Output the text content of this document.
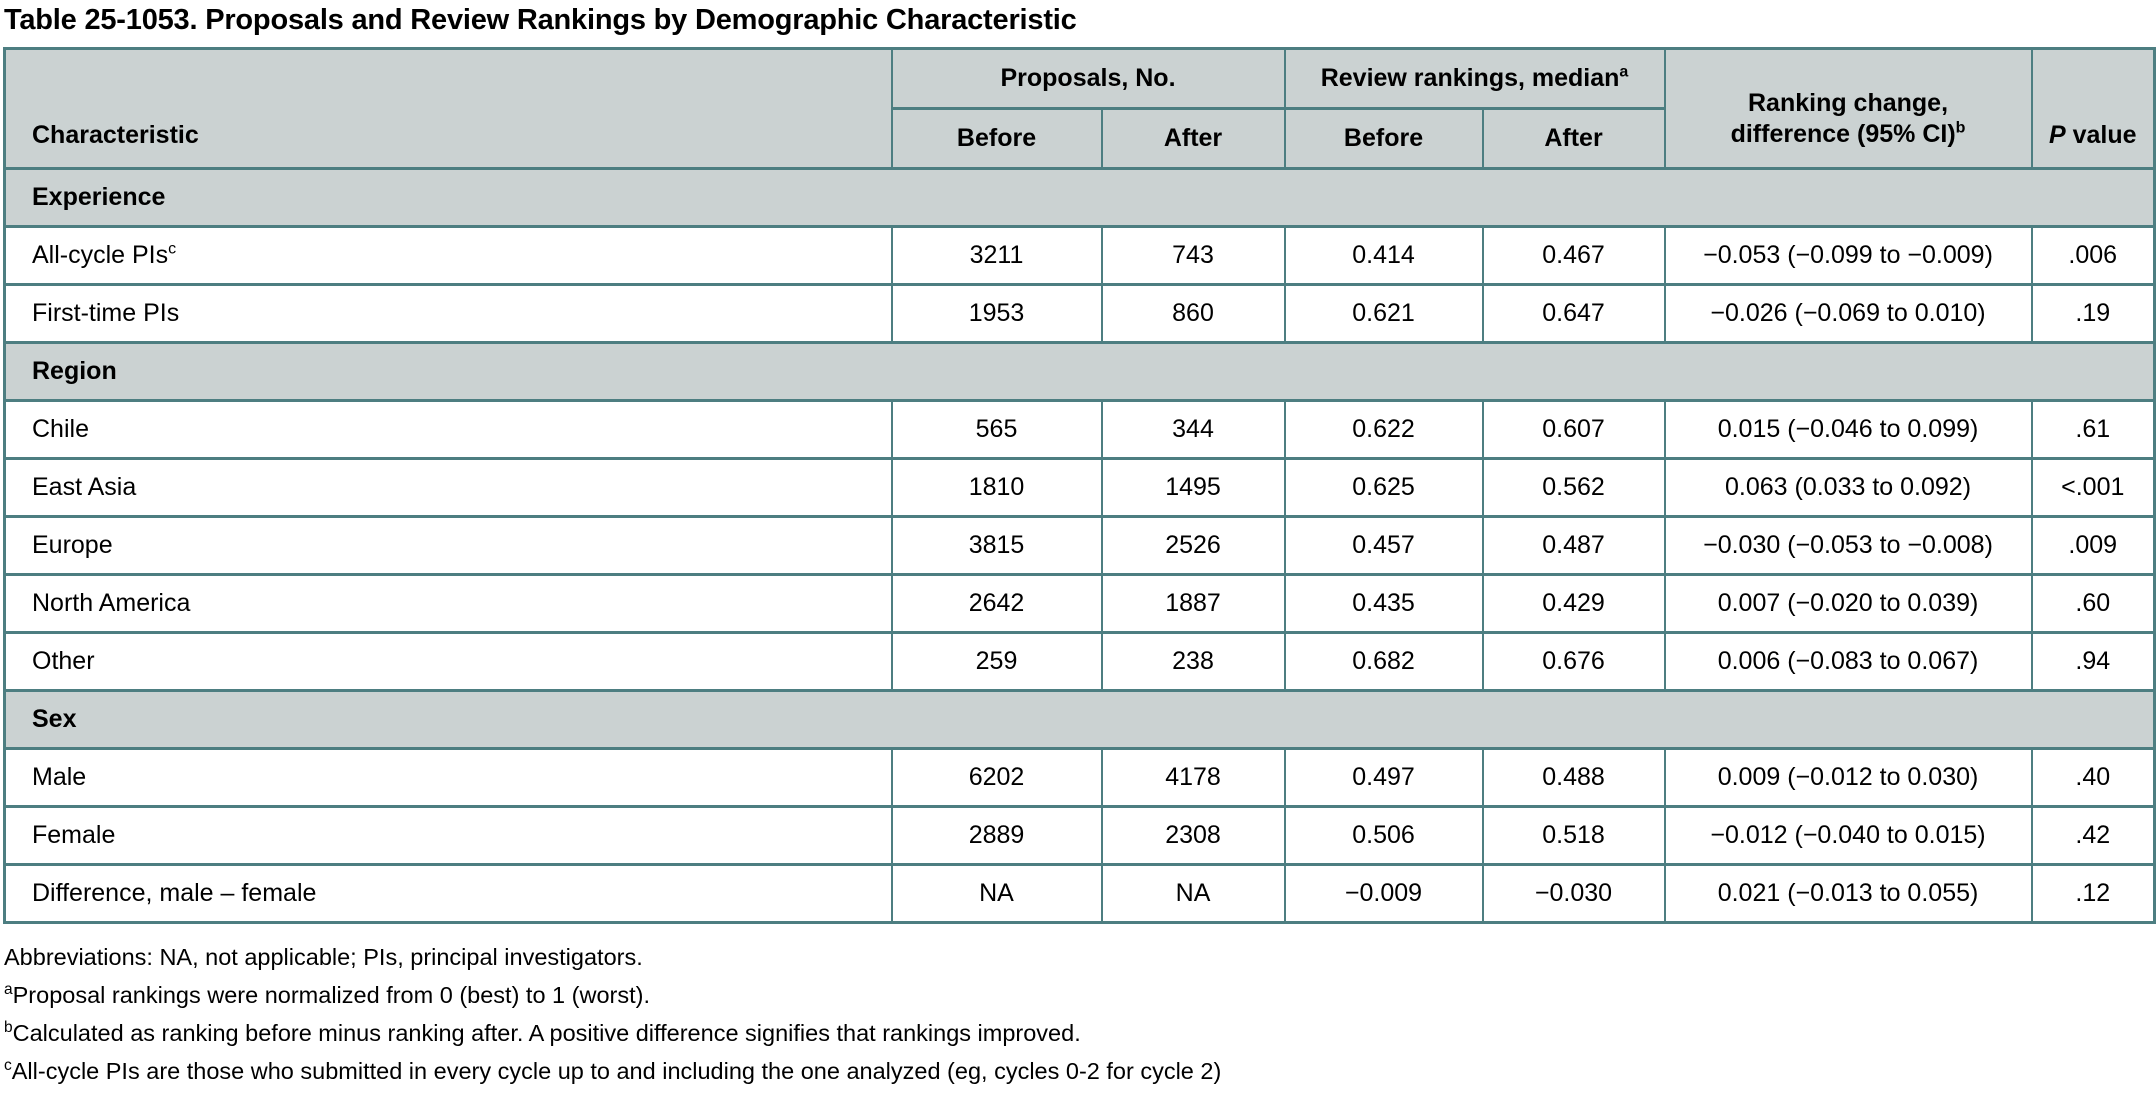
Table 25-1053. Proposals and Review Rankings by Demographic Characteristic
Characteristic	Proposals, No.		Review rankings, median$^a$		Ranking change,
difference (95% CI)$^b$	P value
	Before	After	Before	After		
Experience						
All-cycle PIs$^c$	3211	743	0.414	0.467	−0.053 (−0.099 to −0.009)	.006
First-time PIs	1953	860	0.621	0.647	−0.026 (−0.069 to 0.010)	.19
Region						
Chile	565	344	0.622	0.607	0.015 (−0.046 to 0.099)	.61
East Asia	1810	1495	0.625	0.562	0.063 (0.033 to 0.092)	<.001
Europe	3815	2526	0.457	0.487	−0.030 (−0.053 to −0.008)	.009
North America	2642	1887	0.435	0.429	0.007 (−0.020 to 0.039)	.60
Other	259	238	0.682	0.676	0.006 (−0.083 to 0.067)	.94
Sex						
Male	6202	4178	0.497	0.488	0.009 (−0.012 to 0.030)	.40
Female	2889	2308	0.506	0.518	−0.012 (−0.040 to 0.015)	.42
Difference, male – female	NA	NA	−0.009	−0.030	0.021 (−0.013 to 0.055)	.12

Abbreviations: NA, not applicable; PIs, principal investigators.

$^a$Proposal rankings were normalized from 0 (best) to 1 (worst).

$^b$Calculated as ranking before minus ranking after. A positive difference signifies that rankings improved.

$^c$All-cycle PIs are those who submitted in every cycle up to and including the one analyzed (eg, cycles 0-2 for cycle 2)
